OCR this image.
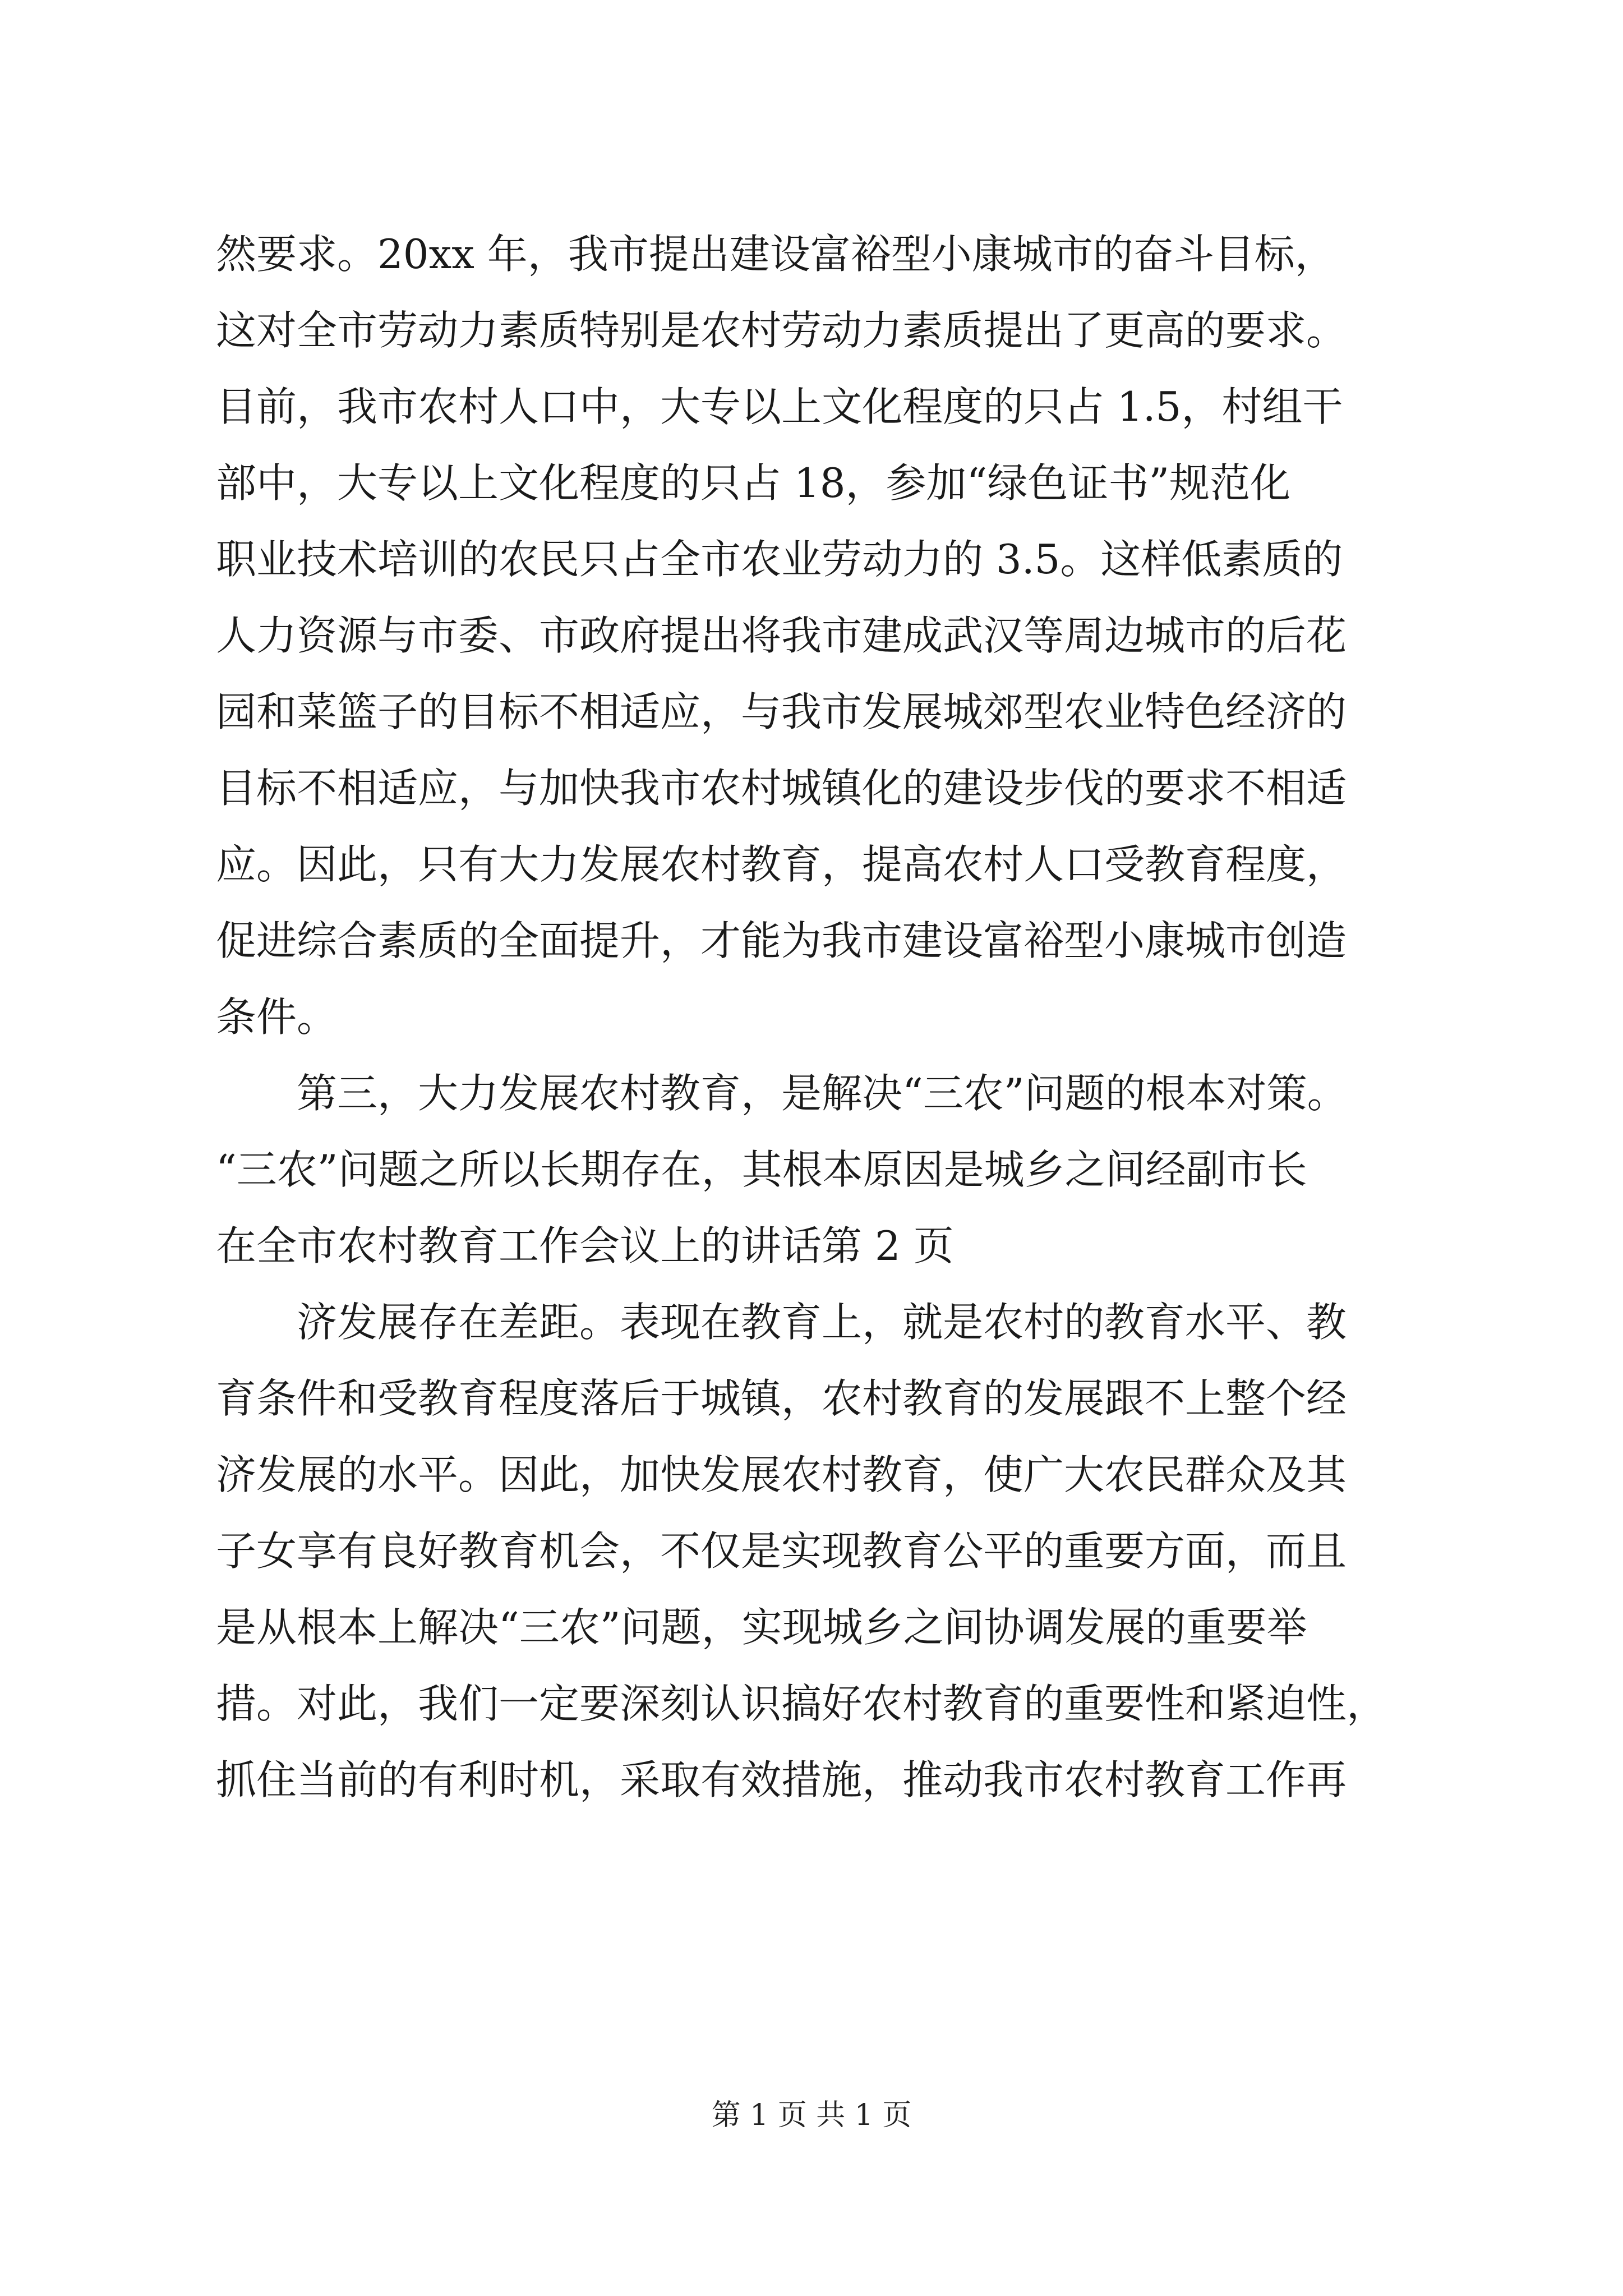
然要求。20xx 年，我市提出建设富裕型小康城市的奋斗目标，
这对全市劳动力素质特别是农村劳动力素质提出了更高的要求。
目前，我市农村人口中，大专以上文化程度的只占 1.5，村组干
部中，大专以上文化程度的只占 18，参加“绿色证书”规范化
职业技术培训的农民只占全市农业劳动力的 3.5。这样低素质的
人力资源与市委、市政府提出将我市建成武汉等周边城市的后花
园和菜篮子的目标不相适应，与我市发展城郊型农业特色经济的
目标不相适应，与加快我市农村城镇化的建设步伐的要求不相适
应。因此，只有大力发展农村教育，提高农村人口受教育程度，
促进综合素质的全面提升，才能为我市建设富裕型小康城市创造
条件。
　　第三，大力发展农村教育，是解决“三农”问题的根本对策。
“三农”问题之所以长期存在，其根本原因是城乡之间经副市长
在全市农村教育工作会议上的讲话第 2 页
　　济发展存在差距。表现在教育上，就是农村的教育水平、教
育条件和受教育程度落后于城镇，农村教育的发展跟不上整个经
济发展的水平。因此，加快发展农村教育，使广大农民群众及其
子女享有良好教育机会，不仅是实现教育公平的重要方面，而且
是从根本上解决“三农”问题，实现城乡之间协调发展的重要举
措。对此，我们一定要深刻认识搞好农村教育的重要性和紧迫性，
抓住当前的有利时机，采取有效措施，推动我市农村教育工作再
第 1 页 共 1 页
